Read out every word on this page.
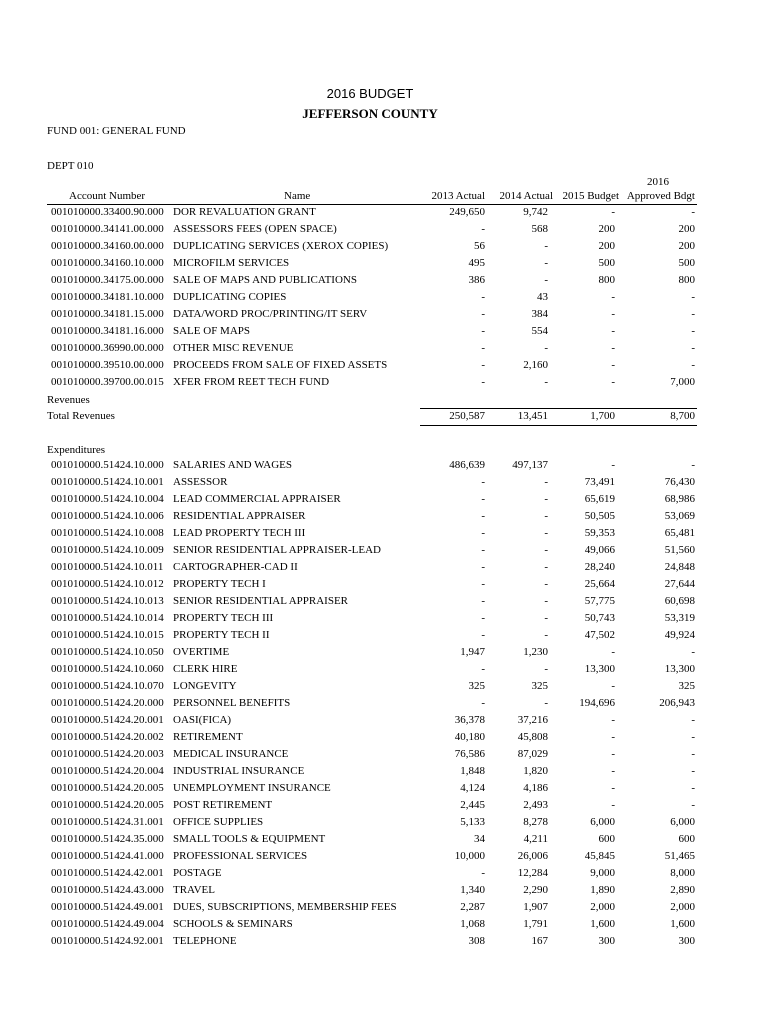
2016 BUDGET
JEFFERSON COUNTY
FUND 001: GENERAL FUND
DEPT 010
2016
Account Number	Name	2013 Actual 2014 Actual 2015 Budget Approved Bdgt
001010000.33400.90.000 DOR REVALUATION GRANT	249,650	9,742	-	-
001010000.34141.00.000 ASSESSORS FEES (OPEN SPACE)	-	568	200	200
001010000.34160.00.000 DUPLICATING SERVICES (XEROX COPIES)	56	-	200	200
001010000.34160.10.000 MICROFILM SERVICES	495	-	500	500
001010000.34175.00.000 SALE OF MAPS AND PUBLICATIONS	386	-	800	800
001010000.34181.10.000 DUPLICATING COPIES	-	43	-	-
001010000.34181.15.000 DATA/WORD PROC/PRINTING/IT SERV	-	384	-	-
001010000.34181.16.000 SALE OF MAPS	-	554	-	-
001010000.36990.00.000 OTHER MISC REVENUE	-	-	-	-
001010000.39510.00.000 PROCEEDS FROM SALE OF FIXED ASSETS	-	2,160	-	-
001010000.39700.00.015 XFER FROM REET TECH FUND	-	-	-	7,000
Revenues
Total Revenues	250,587	13,451	1,700	8,700
Expenditures
001010000.51424.10.000 SALARIES AND WAGES	486,639 497,137	-	-
001010000.51424.10.001 ASSESSOR	-	-	73,491	76,430
001010000.51424.10.004 LEAD COMMERCIAL APPRAISER	-	-	65,619	68,986
001010000.51424.10.006 RESIDENTIAL APPRAISER	-	-	50,505	53,069
001010000.51424.10.008 LEAD PROPERTY TECH III	-	-	59,353	65,481
001010000.51424.10.009 SENIOR RESIDENTIAL APPRAISER-LEAD	-	-	49,066	51,560
001010000.51424.10.011 CARTOGRAPHER-CAD II	-	-	28,240	24,848
001010000.51424.10.012 PROPERTY TECH I	-	-	25,664	27,644
001010000.51424.10.013 SENIOR RESIDENTIAL APPRAISER	-	-	57,775	60,698
001010000.51424.10.014 PROPERTY TECH III	-	-	50,743	53,319
001010000.51424.10.015 PROPERTY TECH II	-	-	47,502	49,924
001010000.51424.10.050 OVERTIME	1,947	1,230	-	-
001010000.51424.10.060 CLERK HIRE	-	-	13,300	13,300
001010000.51424.10.070 LONGEVITY	325	325	-	325
001010000.51424.20.000 PERSONNEL BENEFITS	-	-	194,696	206,943
001010000.51424.20.001 OASI(FICA)	36,378	37,216	-	-
001010000.51424.20.002 RETIREMENT	40,180	45,808	-	-
001010000.51424.20.003 MEDICAL INSURANCE	76,586	87,029	-	-
001010000.51424.20.004 INDUSTRIAL INSURANCE	1,848	1,820	-	-
001010000.51424.20.005 UNEMPLOYMENT INSURANCE	4,124	4,186	-	-
001010000.51424.20.005 POST RETIREMENT	2,445	2,493	-	-
001010000.51424.31.001 OFFICE SUPPLIES	5,133	8,278	6,000	6,000
001010000.51424.35.000 SMALL TOOLS & EQUIPMENT	34	4,211	600	600
001010000.51424.41.000 PROFESSIONAL SERVICES	10,000	26,006	45,845	51,465
001010000.51424.42.001 POSTAGE	-	12,284	9,000	8,000
001010000.51424.43.000 TRAVEL	1,340	2,290	1,890	2,890
001010000.51424.49.001 DUES, SUBSCRIPTIONS, MEMBERSHIP FEES	2,287	1,907	2,000	2,000
001010000.51424.49.004 SCHOOLS & SEMINARS	1,068	1,791	1,600	1,600
001010000.51424.92.001 TELEPHONE	308	167	300	300
